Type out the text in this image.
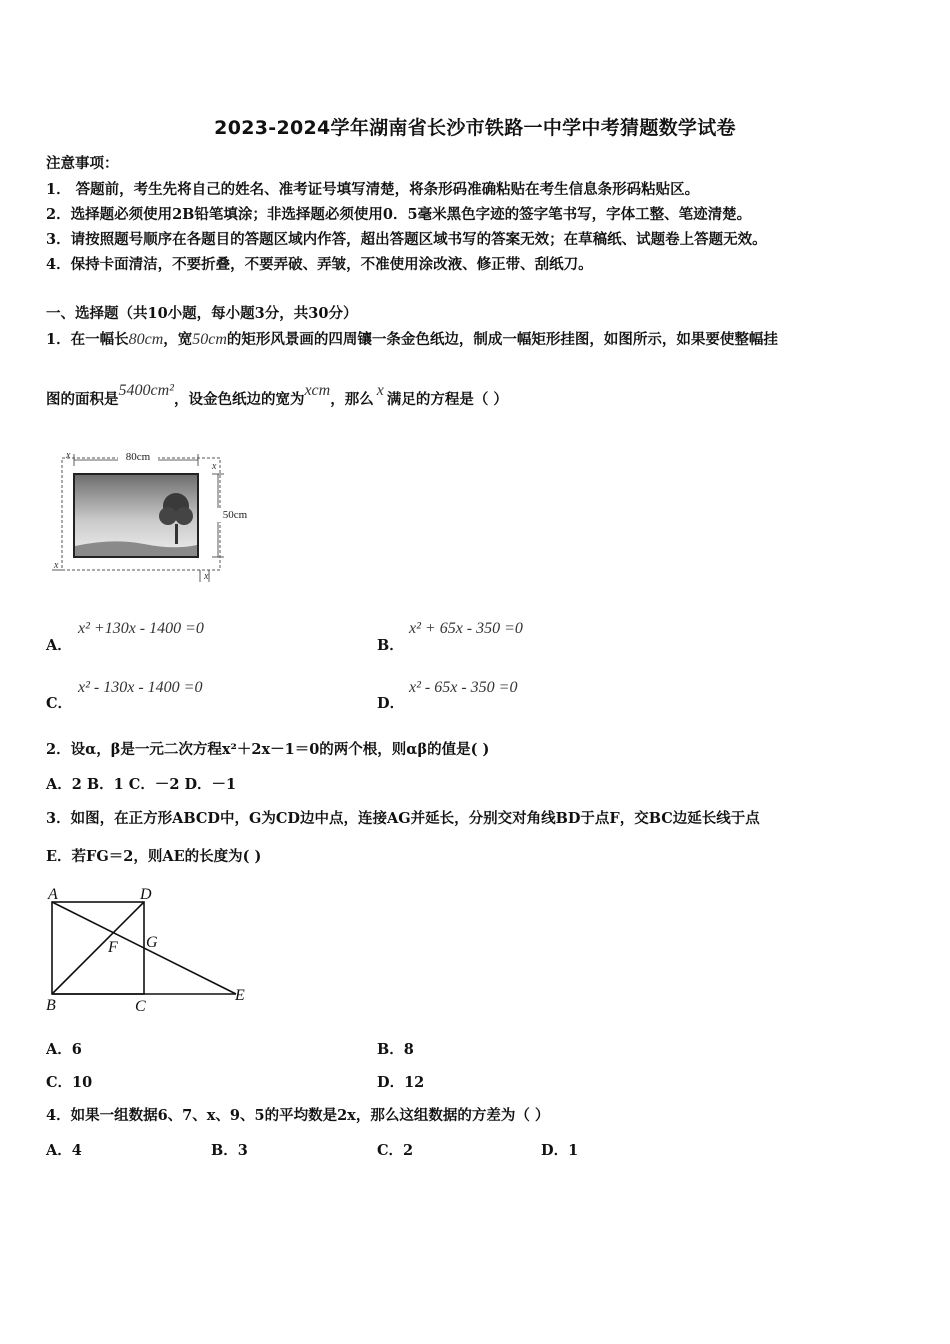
2023-2024学年湖南省长沙市铁路一中学中考猜题数学试卷
注意事项：
1． 答题前，考生先将自己的姓名、准考证号填写清楚，将条形码准确粘贴在考生信息条形码粘贴区。
2．选择题必须使用2B铅笔填涂；非选择题必须使用0．5毫米黑色字迹的签字笔书写，字体工整、笔迹清楚。
3．请按照题号顺序在各题目的答题区域内作答，超出答题区域书写的答案无效；在草稿纸、试题卷上答题无效。
4．保持卡面清洁，不要折叠，不要弄破、弄皱，不准使用涂改液、修正带、刮纸刀。
一、选择题（共10小题，每小题3分，共30分）
1．在一幅长80cm，宽50cm的矩形风景画的四周镶一条金色纸边，制成一幅矩形挂图，如图所示，如果要使整幅挂
图的面积是5400cm²，设金色纸边的宽为xcm，那么x满足的方程是（ ）
80cm
x
x
50cm
x
x
A．
x² +130x - 1400 =0
B．
x² + 65x - 350 =0
C．
x² - 130x - 1400 =0
D．
x² - 65x - 350 =0
2．设α，β是一元二次方程x²＋2x－1＝0的两个根，则αβ的值是( )
A．2 B．1 C．－2 D．－1
3．如图，在正方形ABCD中，G为CD边中点，连接AG并延长，分别交对角线BD于点F，交BC边延长线于点
E．若FG＝2，则AE的长度为( )
A	D
F G
B	C
E
A．6	B．8
C．10	D．12
4．如果一组数据6、7、x、9、5的平均数是2x，那么这组数据的方差为（ ）
A．4	B．3	C．2	D．1
